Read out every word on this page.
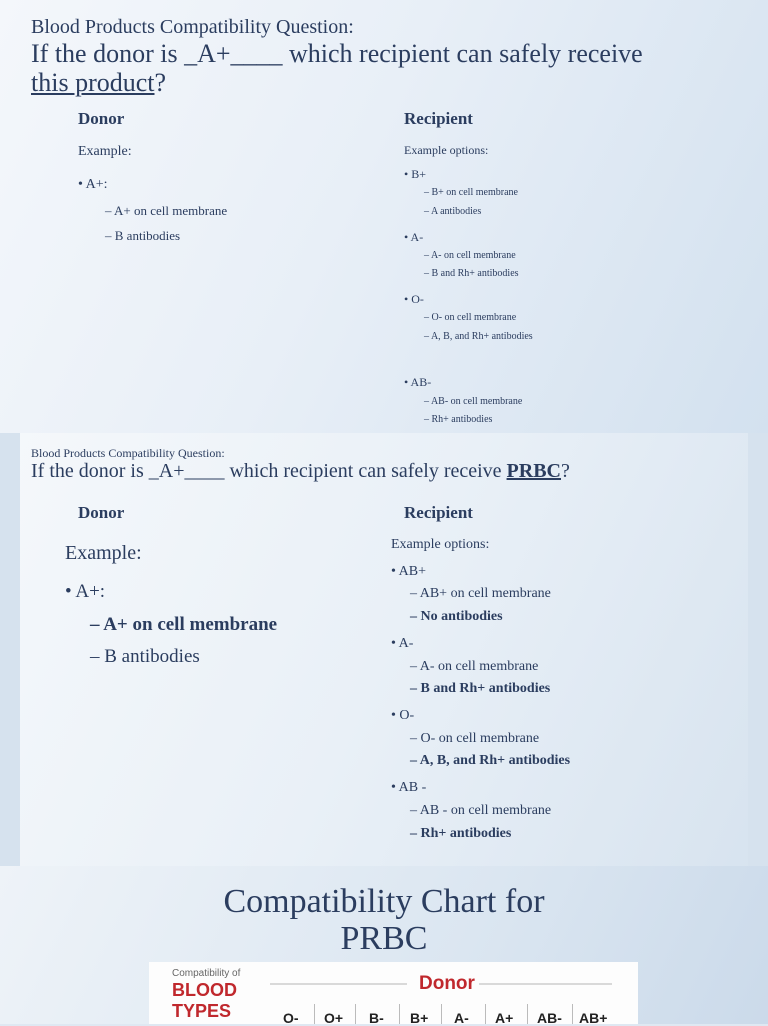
Blood Products Compatibility Question:
If the donor is _A+____ which recipient can safely receive
this product?
Donor	Recipient
Example:
• A+:
– A+ on cell membrane
– B antibodies
Example options:
• B+
– B+ on cell membrane
– A antibodies
• A-
– A- on cell membrane
– B and Rh+ antibodies
• O-
– O- on cell membrane
– A, B, and Rh+ antibodies
• AB-
– AB- on cell membrane
– Rh+ antibodies
Blood Products Compatibility Question:
If the donor is _A+____ which recipient can safely receive PRBC?
Donor	Recipient
Example:
• A+:
– A+ on cell membrane
– B antibodies
Example options:
• AB+
– AB+ on cell membrane
– No antibodies
• A-
– A- on cell membrane
– B and Rh+ antibodies
• O-
– O- on cell membrane
– A, B, and Rh+ antibodies
• AB -
– AB - on cell membrane
– Rh+ antibodies
Compatibility Chart for
PRBC
Compatibility of
BLOOD
TYPES
Donor
O- O+ B- B+ A- A+ AB- AB+
